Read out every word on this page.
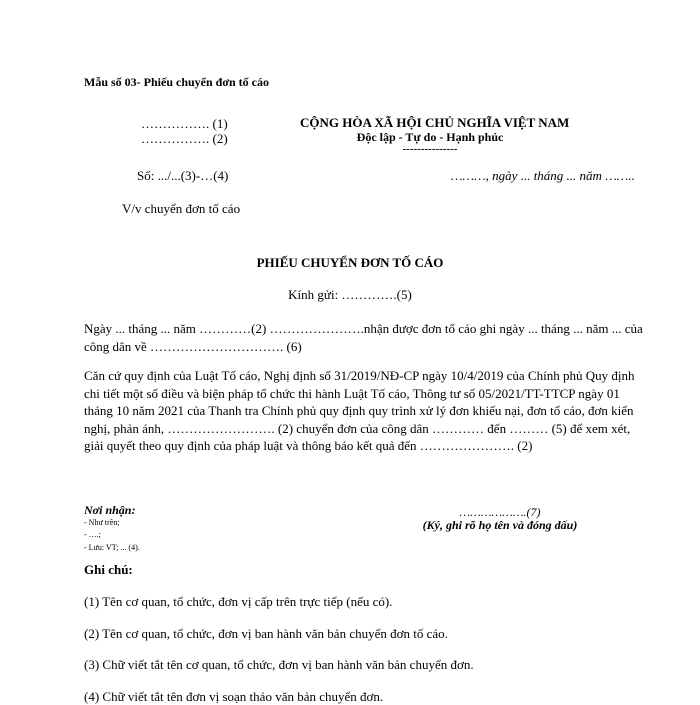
Mẫu số 03- Phiếu chuyển đơn tố cáo
……………. (1)
……………. (2)
CỘNG HÒA XÃ HỘI CHỦ NGHĨA VIỆT NAM
Độc lập - Tự do - Hạnh phúc
---------------
Số: .../...(3)-…(4)	………, ngày ... tháng ... năm ……..
V/v chuyển đơn tố cáo
PHIẾU CHUYỂN ĐƠN TỐ CÁO
Kính gửi: ………….(5)
Ngày ... tháng ... năm …………(2) ………………….nhận được đơn tố cáo ghi ngày ... tháng ... năm ... của
công dân về …………………………. (6)
Căn cứ quy định của Luật Tố cáo, Nghị định số 31/2019/NĐ-CP ngày 10/4/2019 của Chính phủ Quy định
chi tiết một số điều và biện pháp tổ chức thi hành Luật Tố cáo, Thông tư số 05/2021/TT-TTCP ngày 01
tháng 10 năm 2021 của Thanh tra Chính phủ quy định quy trình xử lý đơn khiếu nại, đơn tố cáo, đơn kiến
nghị, phản ánh, ……………………. (2) chuyển đơn của công dân ………… đến ……… (5) để xem xét,
giải quyết theo quy định của pháp luật và thông báo kết quả đến …………………. (2)
Nơi nhận:
- Như trên;
- ….;
- Lưu: VT; ... (4).
……………….(7)
(Ký, ghi rõ họ tên và đóng dấu)
Ghi chú:
(1) Tên cơ quan, tổ chức, đơn vị cấp trên trực tiếp (nếu có).
(2) Tên cơ quan, tổ chức, đơn vị ban hành văn bản chuyển đơn tố cáo.
(3) Chữ viết tắt tên cơ quan, tổ chức, đơn vị ban hành văn bản chuyển đơn.
(4) Chữ viết tắt tên đơn vị soạn thảo văn bản chuyển đơn.
